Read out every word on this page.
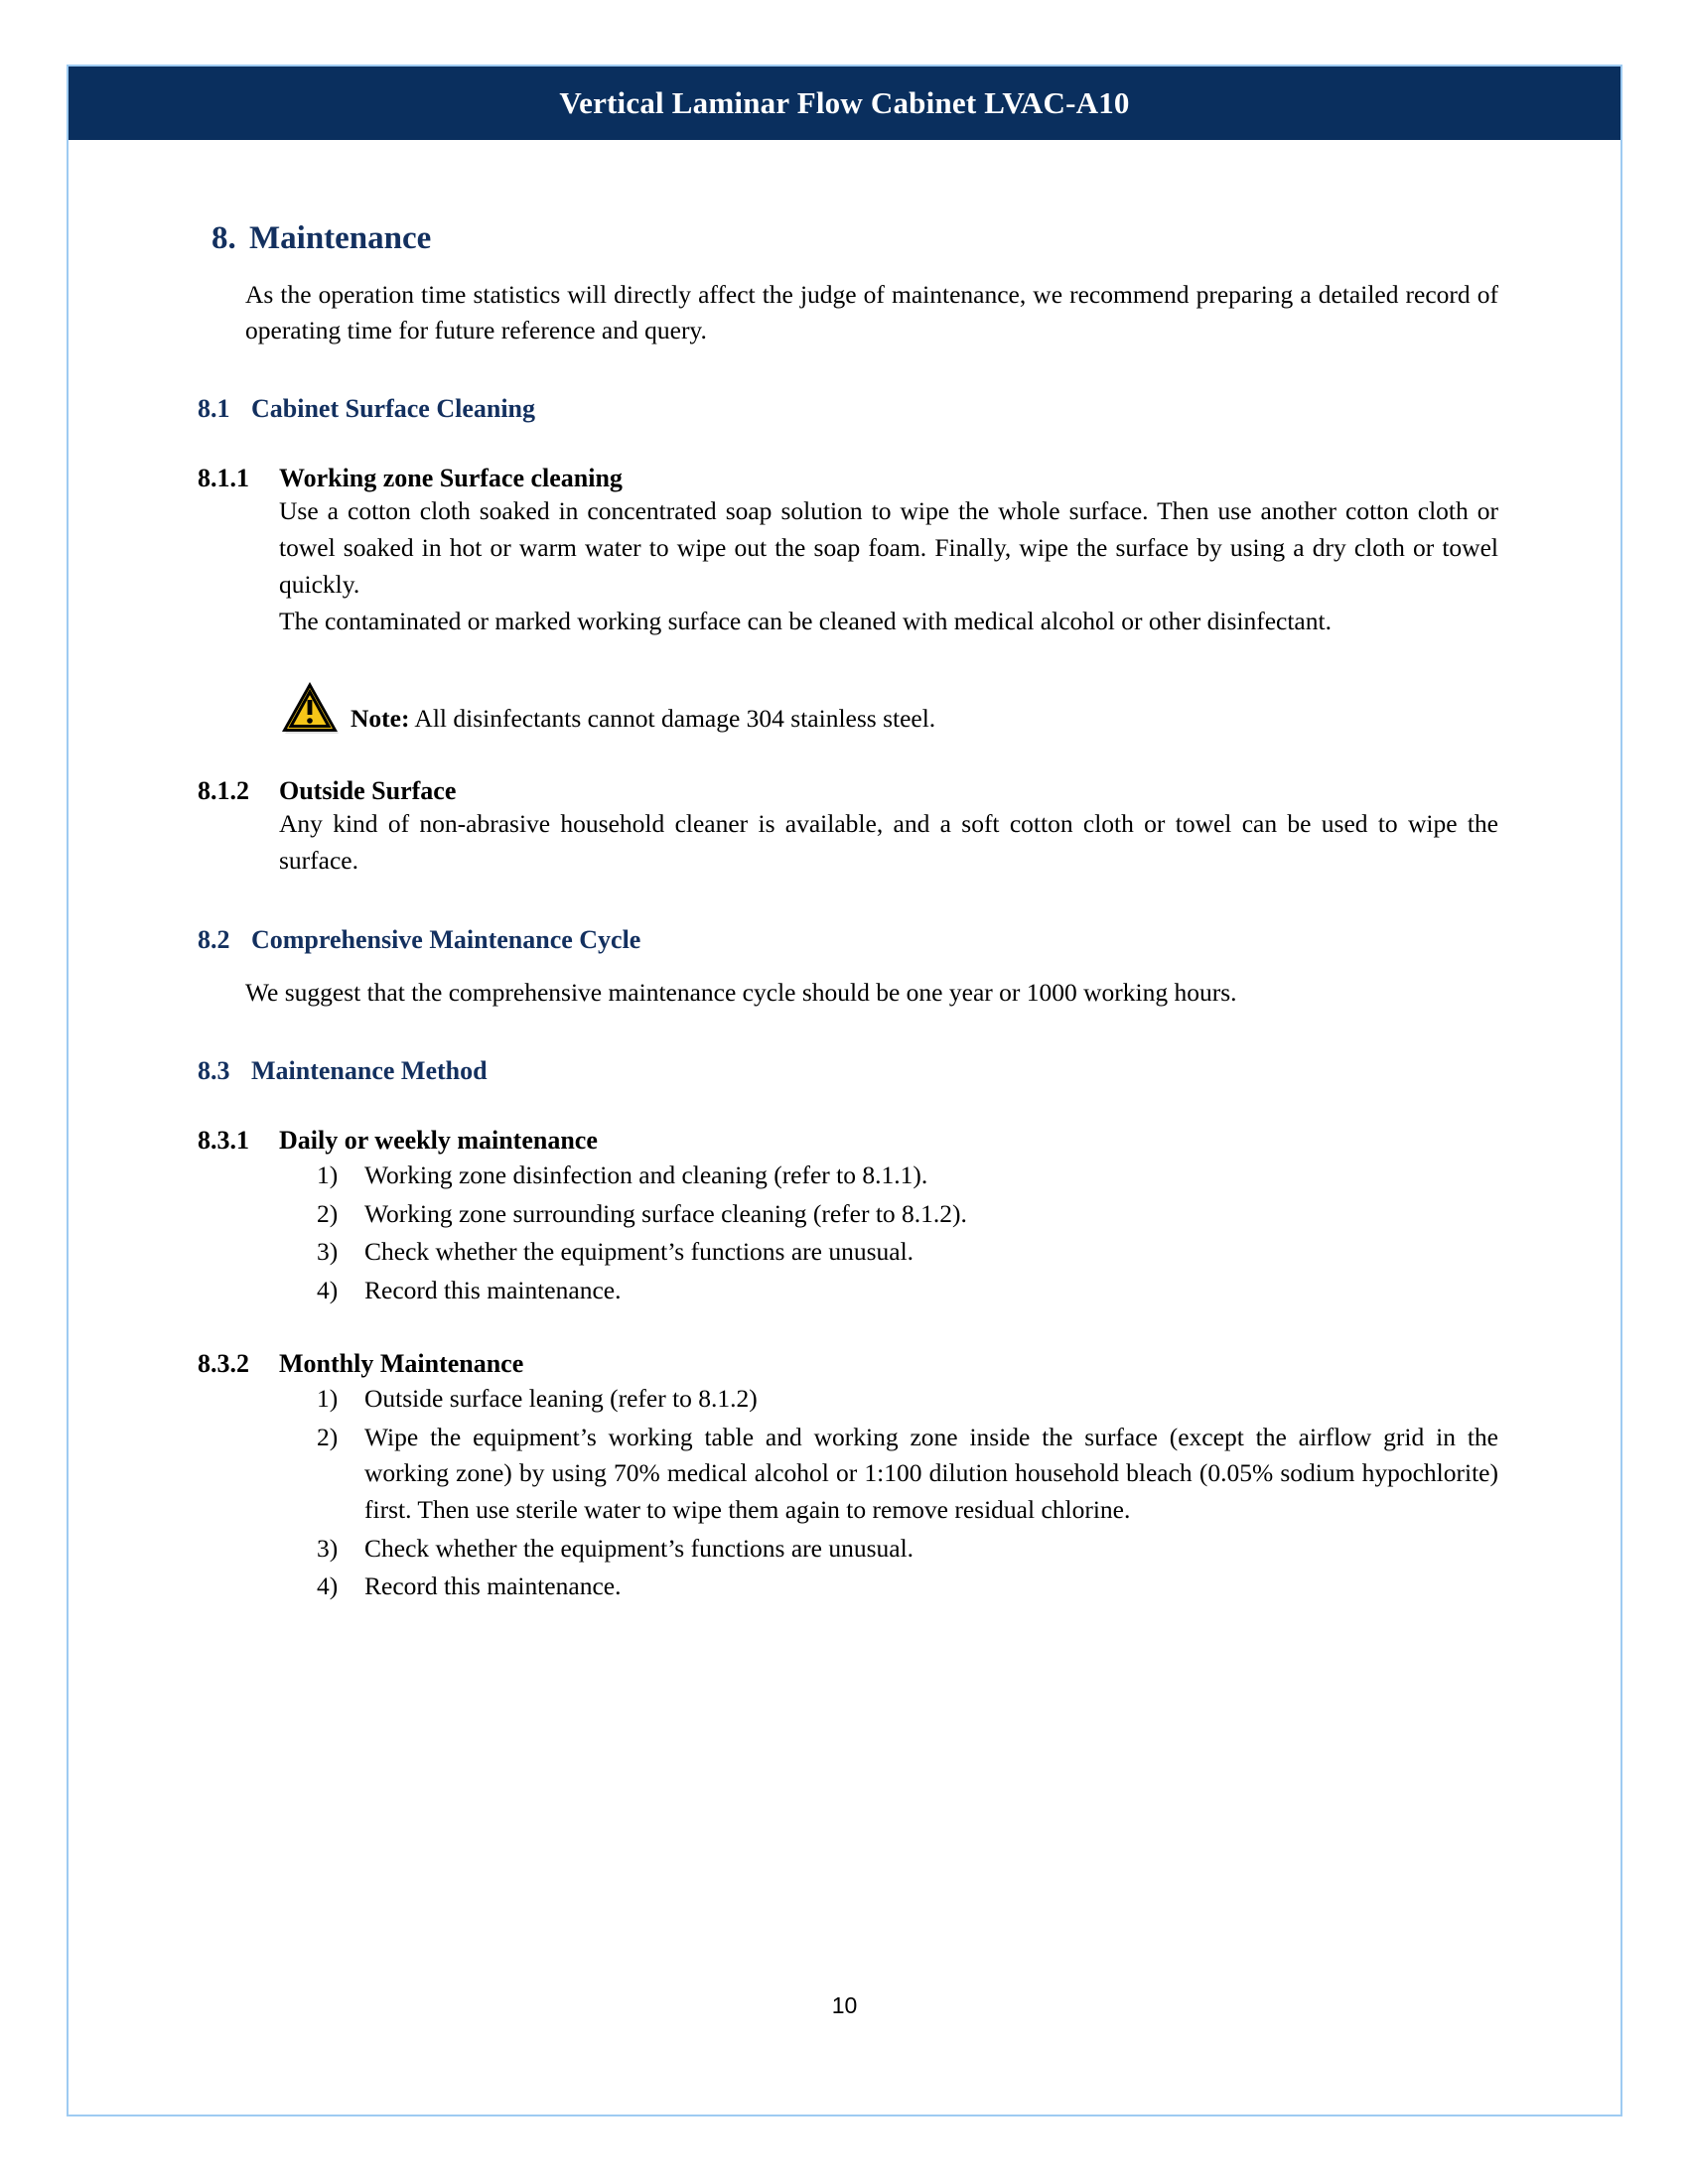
Vertical Laminar Flow Cabinet LVAC-A10
8. Maintenance
As the operation time statistics will directly affect the judge of maintenance, we recommend preparing a detailed record of operating time for future reference and query.
8.1 Cabinet Surface Cleaning
8.1.1	Working zone Surface cleaning
Use a cotton cloth soaked in concentrated soap solution to wipe the whole surface. Then use another cotton cloth or towel soaked in hot or warm water to wipe out the soap foam. Finally, wipe the surface by using a dry cloth or towel quickly.
The contaminated or marked working surface can be cleaned with medical alcohol or other disinfectant.
Note: All disinfectants cannot damage 304 stainless steel.
8.1.2	Outside Surface
Any kind of non-abrasive household cleaner is available, and a soft cotton cloth or towel can be used to wipe the surface.
8.2 Comprehensive Maintenance Cycle
We suggest that the comprehensive maintenance cycle should be one year or 1000 working hours.
8.3 Maintenance Method
8.3.1	Daily or weekly maintenance
1)	Working zone disinfection and cleaning (refer to 8.1.1).
2)	Working zone surrounding surface cleaning (refer to 8.1.2).
3)	Check whether the equipment’s functions are unusual.
4)	Record this maintenance.
8.3.2	Monthly Maintenance
1)	Outside surface leaning (refer to 8.1.2)
2)	Wipe the equipment’s working table and working zone inside the surface (except the airflow grid in the working zone) by using 70% medical alcohol or 1:100 dilution household bleach (0.05% sodium hypochlorite) first. Then use sterile water to wipe them again to remove residual chlorine.
3)	Check whether the equipment’s functions are unusual.
4)	Record this maintenance.
10
